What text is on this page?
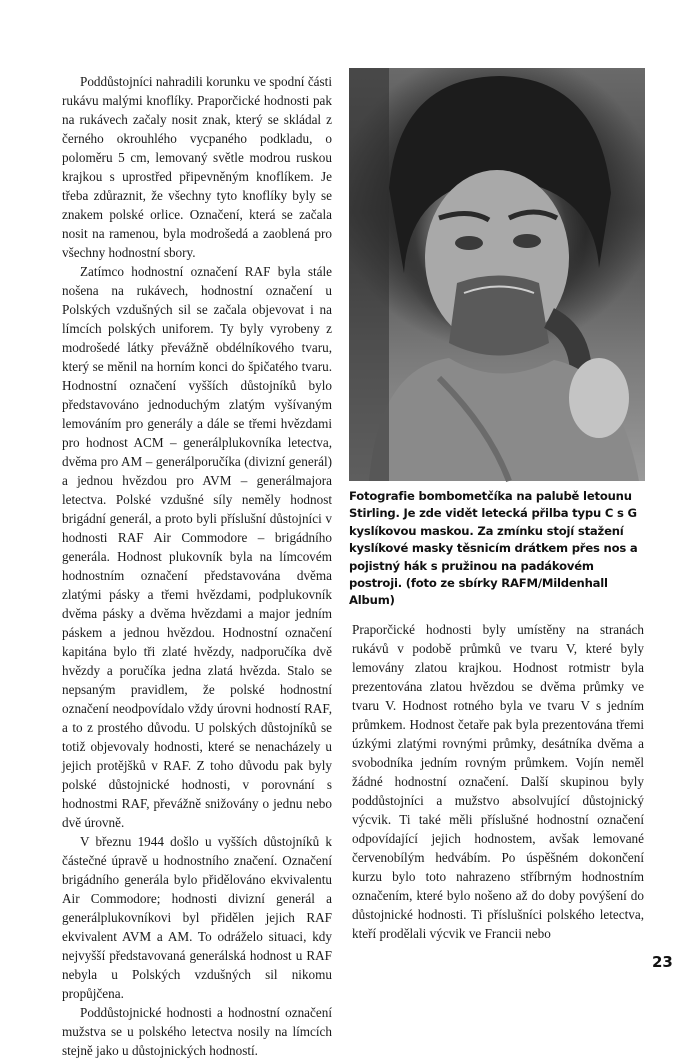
Poddůstojníci nahradili korunku ve spodní části rukávu malými knoflíky. Praporčické hodnosti pak na rukávech začaly nosit znak, který se skládal z černého okrouhlého vycpaného podkladu, o poloměru 5 cm, lemovaný světle modrou ruskou krajkou s uprostřed připevněným knoflíkem. Je třeba zdůraznit, že všechny tyto knoflíky byly se znakem polské orlice. Označení, která se začala nosit na ramenou, byla modrošedá a zaoblená pro všechny hodnostní sbory.

Zatímco hodnostní označení RAF byla stále nošena na rukávech, hodnostní označení u Polských vzdušných sil se začala objevovat i na límcích polských uniforem. Ty byly vyrobeny z modrošedé látky převážně obdélníkového tvaru, který se měnil na horním konci do špičatého tvaru. Hodnostní označení vyšších důstojníků bylo představováno jednoduchým zlatým vyšívaným lemováním pro generály a dále se třemi hvězdami pro hodnost ACM – generálplukovníka letectva, dvěma pro AM – generálporučíka (divizní generál) a jednou hvězdou pro AVM – generálmajora letectva. Polské vzdušné síly neměly hodnost brigádní generál, a proto byli příslušní důstojníci v hodnosti RAF Air Commodore – brigádního generála. Hodnost plukovník byla na límcovém hodnostním označení představována dvěma zlatými pásky a třemi hvězdami, podplukovník dvěma pásky a dvěma hvězdami a major jedním páskem a jednou hvězdou. Hodnostní označení kapitána bylo tři zlaté hvězdy, nadporučíka dvě hvězdy a poručíka jedna zlatá hvězda. Stalo se nepsaným pravidlem, že polské hodnostní označení neodpovídalo vždy úrovni hodností RAF, a to z prostého důvodu. U polských důstojníků se totiž objevovaly hodnosti, které se nenacházely u jejich protějšků v RAF. Z toho důvodu pak byly polské důstojnické hodnosti, v porovnání s hodnostmi RAF, převážně snižovány o jednu nebo dvě úrovně.

V březnu 1944 došlo u vyšších důstojníků k částečné úpravě u hodnostního značení. Označení brigádního generála bylo přidělováno ekvivalentu Air Commodore; hodnosti divizní generál a generálplukovníkovi byl přidělen jejich RAF ekvivalent AVM a AM. To odráželo situaci, kdy nejvyšší představovaná generálská hodnost u RAF nebyla u Polských vzdušných sil nikomu propůjčena.

Poddůstojnické hodnosti a hodnostní označení mužstva se u polského letectva nosily na límcích stejně jako u důstojnických hodností.

Fotografie bombometčíka na palubě letounu Stirling. Je zde vidět letecká přilba typu C s G kyslíkovou maskou. Za zmínku stojí stažení kyslíkové masky těsnicím drátkem přes nos a pojistný hák s pružinou na padákovém postroji. (foto ze sbírky RAFM/Mildenhall Album)

Praporčické hodnosti byly umístěny na stranách rukávů v podobě průmků ve tvaru V, které byly lemovány zlatou krajkou. Hodnost rotmistr byla prezentována zlatou hvězdou se dvěma průmky ve tvaru V. Hodnost rotného byla ve tvaru V s jedním průmkem. Hodnost četaře pak byla prezentována třemi úzkými zlatými rovnými průmky, desátníka dvěma a svobodníka jedním rovným průmkem. Vojín neměl žádné hodnostní označení. Další skupinou byly poddůstojníci a mužstvo absolvující důstojnický výcvik. Ti také měli příslušné hodnostní označení odpovídající jejich hodnostem, avšak lemované červenobílým hedvábím. Po úspěšném dokončení kurzu bylo toto nahrazeno stříbrným hodnostním označením, které bylo nošeno až do doby povýšení do důstojnické hodnosti. Ti příslušníci polského letectva, kteří prodělali výcvik ve Francii nebo

23
